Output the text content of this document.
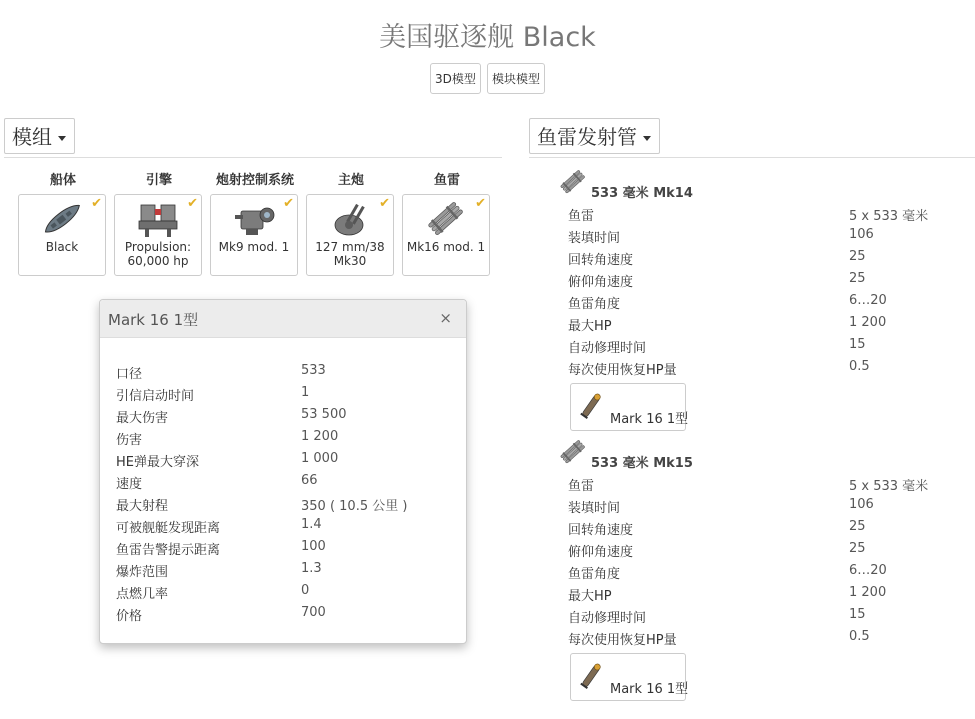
美国驱逐舰 Black
3D模型 模块模型
模组
船体
✔
Black
引擎
✔
Propulsion: 60,000 hp
炮射控制系统
✔
Mk9 mod. 1
主炮
✔
127 mm/38 Mk30
鱼雷
✔
Mk16 mod. 1
Mark 16 1型	×
口径	533
引信启动时间	1
最大伤害	53 500
伤害	1 200
HE弹最大穿深	1 000
速度	66
最大射程	350 ( 10.5 公里 )
可被舰艇发现距离	1.4
鱼雷告警提示距离	100
爆炸范围	1.3
点燃几率	0
价格	700
鱼雷发射管
533 毫米 Mk14
鱼雷	5 x 533 毫米
装填时间	106
回转角速度	25
俯仰角速度	25
鱼雷角度	6…20
最大HP	1 200
自动修理时间	15
每次使用恢复HP量	0.5
Mark 16 1型
533 毫米 Mk15
鱼雷	5 x 533 毫米
装填时间	106
回转角速度	25
俯仰角速度	25
鱼雷角度	6…20
最大HP	1 200
自动修理时间	15
每次使用恢复HP量	0.5
Mark 16 1型
